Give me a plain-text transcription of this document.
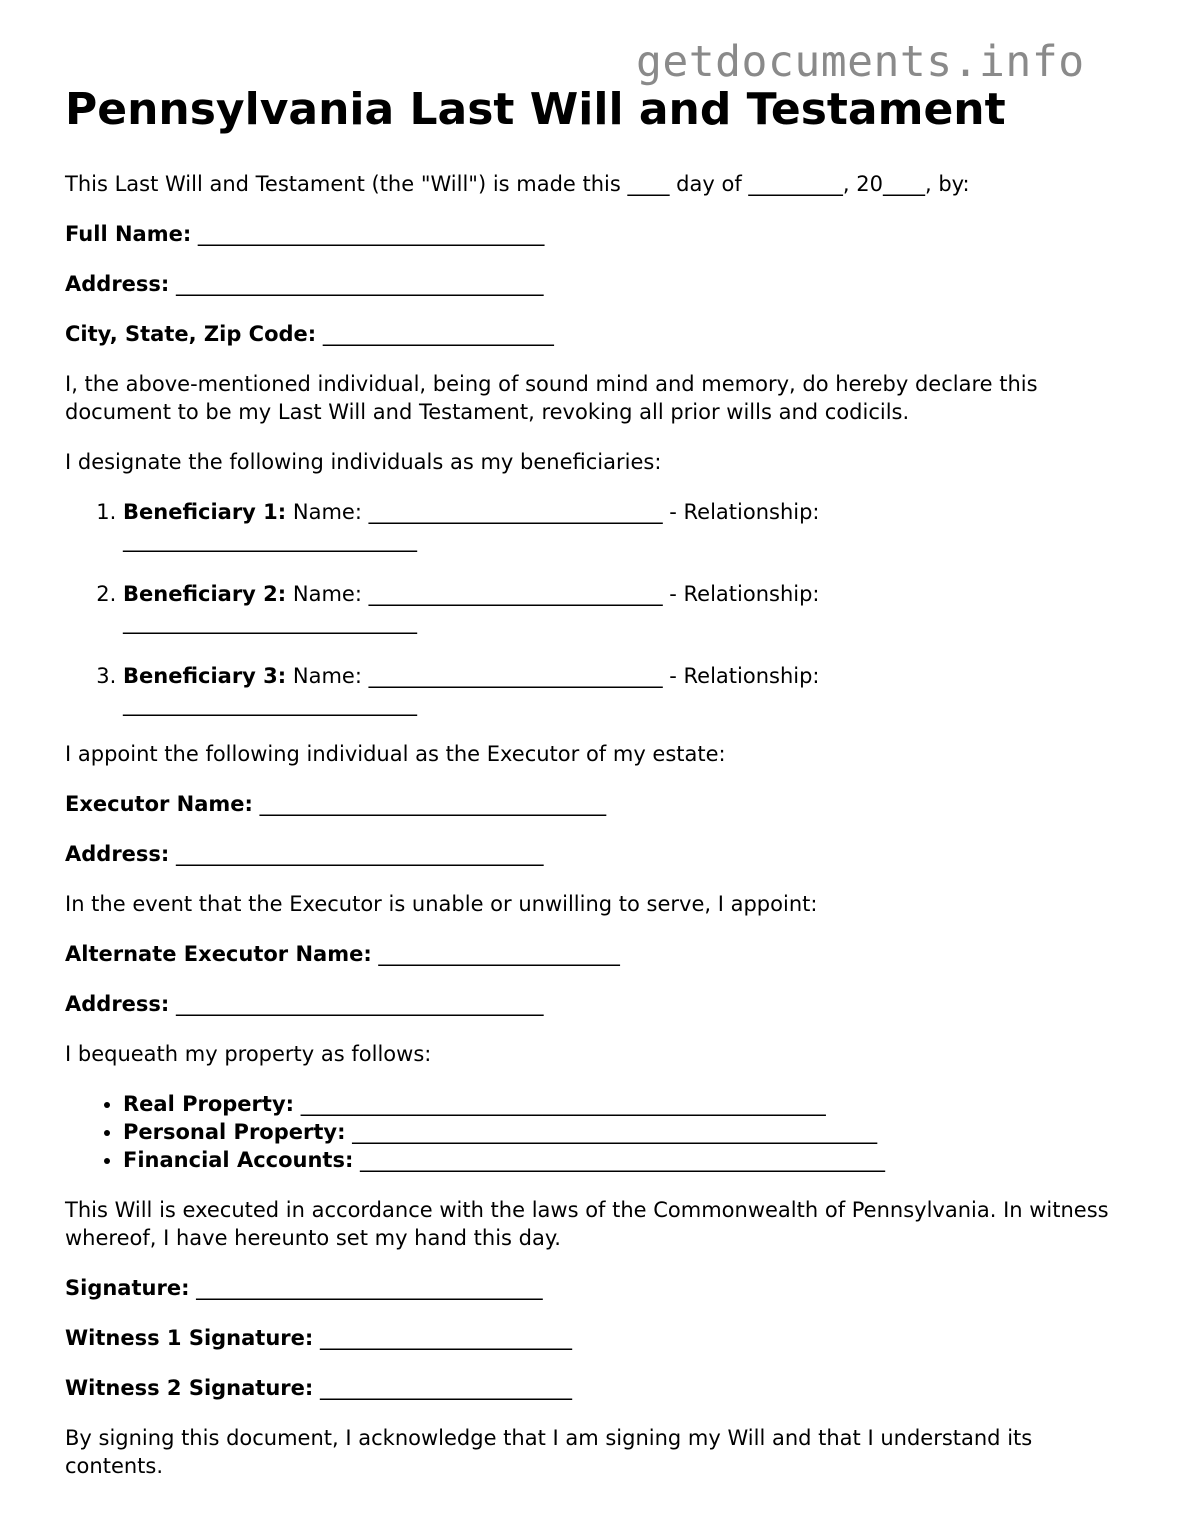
getdocuments.info
Pennsylvania Last Will and Testament

This Last Will and Testament (the "Will") is made this ____ day of _________, 20____, by:

Full Name: _________________________________

Address: ___________________________________

City, State, Zip Code: ______________________

I, the above-mentioned individual, being of sound mind and memory, do hereby declare this document to be my Last Will and Testament, revoking all prior wills and codicils.

I designate the following individuals as my beneficiaries:

1. Beneficiary 1: Name: ____________________________ - Relationship: ____________________________
2. Beneficiary 2: Name: ____________________________ - Relationship: ____________________________
3. Beneficiary 3: Name: ____________________________ - Relationship: ____________________________

I appoint the following individual as the Executor of my estate:

Executor Name: _________________________________

Address: ___________________________________

In the event that the Executor is unable or unwilling to serve, I appoint:

Alternate Executor Name: _______________________

Address: ___________________________________

I bequeath my property as follows:

• Real Property: __________________________________________________
• Personal Property: __________________________________________________
• Financial Accounts: __________________________________________________

This Will is executed in accordance with the laws of the Commonwealth of Pennsylvania. In witness whereof, I have hereunto set my hand this day.

Signature: _________________________________

Witness 1 Signature: ________________________

Witness 2 Signature: ________________________

By signing this document, I acknowledge that I am signing my Will and that I understand its contents.
